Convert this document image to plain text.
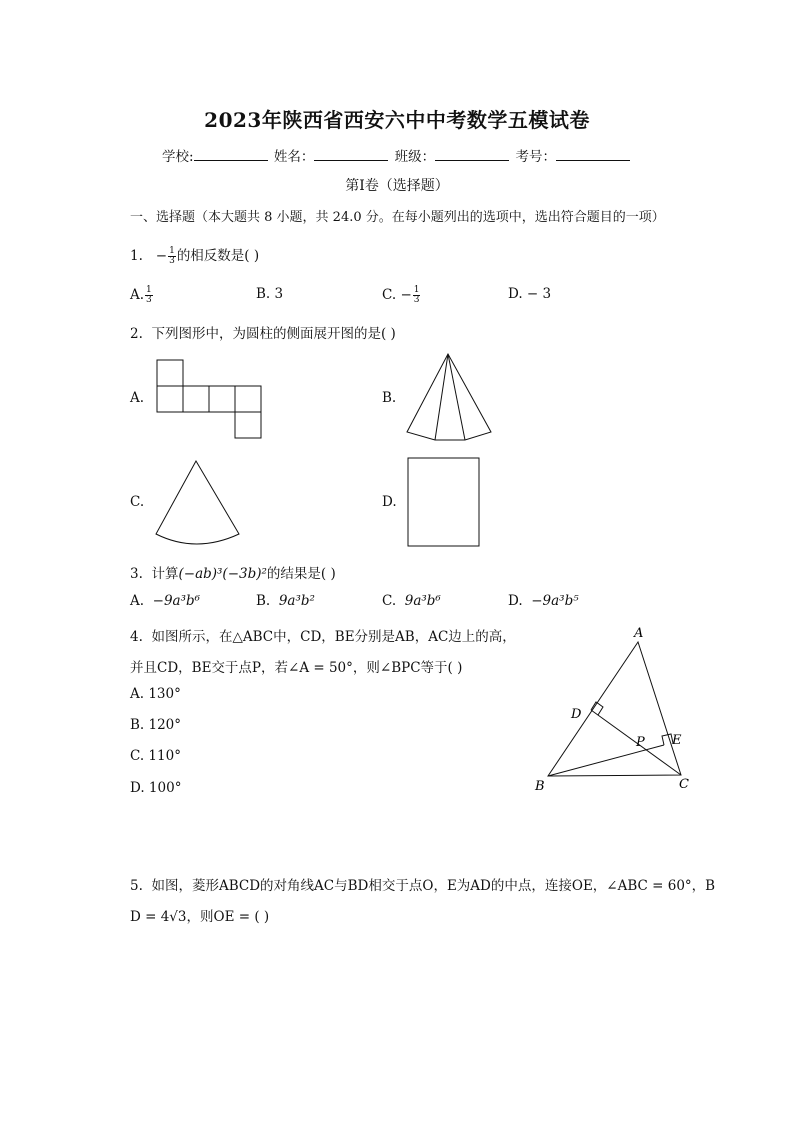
2023年陕西省西安六中中考数学五模试卷
学校:	姓名：	班级：	考号：
第Ⅰ卷（选择题）
一、选择题（本大题共 8 小题，共 24.0 分。在每小题列出的选项中，选出符合题目的一项）
1. − $\frac{1}{3}$ 的相反数是( )
A. $\frac{1}{3}$	B. 3	C. − $\frac{1}{3}$	D. − 3
2. 下列图形中，为圆柱的侧面展开图的是( )
A.	B.
C.	D.
3. 计算(−ab)³(−3b)²的结果是( )
A. −9a³b⁶	B. 9a³b²	C. 9a³b⁶	D. −9a³b⁵
4. 如图所示，在△ABC中，CD，BE分别是AB，AC边上的高，
并且CD，BE交于点P，若∠A = 50°，则∠BPC等于( )
A. 130°
B. 120°
C. 110°
D. 100°
A
B	C
D
E
P
5. 如图，菱形ABCD的对角线AC与BD相交于点O，E为AD的中点，连接OE，∠ABC = 60°，B
D = 4√3，则OE = ( )
